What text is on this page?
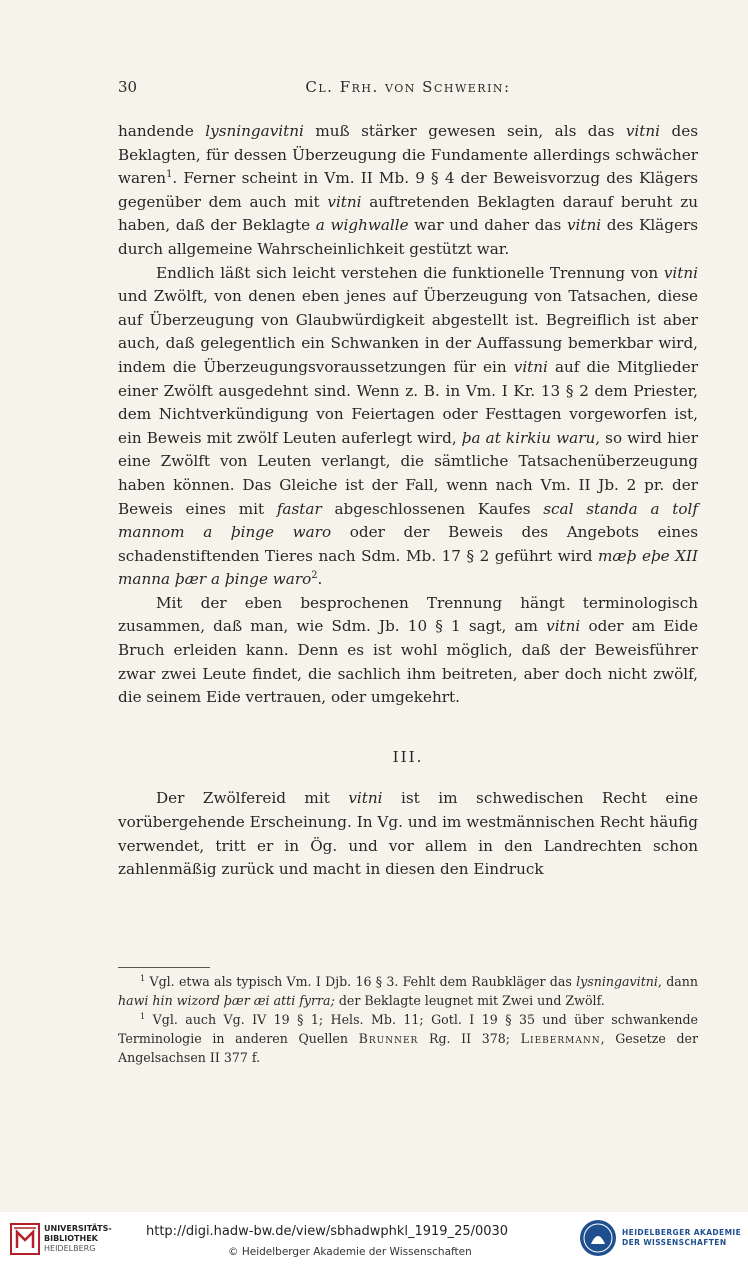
30	Cl. Frh. von Schwerin:

handende lysningavitni muß stärker gewesen sein, als das vitni des Beklagten, für dessen Überzeugung die Fundamente allerdings schwächer waren$^1$. Ferner scheint in Vm. II Mb. 9 § 4 der Beweisvorzug des Klägers gegenüber dem auch mit vitni auftretenden Beklagten darauf beruht zu haben, daß der Beklagte a wighwalle war und daher das vitni des Klägers durch allgemeine Wahrscheinlichkeit gestützt war.

Endlich läßt sich leicht verstehen die funktionelle Trennung von vitni und Zwölft, von denen eben jenes auf Überzeugung von Tatsachen, diese auf Überzeugung von Glaubwürdigkeit abgestellt ist. Begreiflich ist aber auch, daß gelegentlich ein Schwanken in der Auffassung bemerkbar wird, indem die Überzeugungsvoraussetzungen für ein vitni auf die Mitglieder einer Zwölft ausgedehnt sind. Wenn z. B. in Vm. I Kr. 13 § 2 dem Priester, dem Nichtverkündigung von Feiertagen oder Festtagen vorgeworfen ist, ein Beweis mit zwölf Leuten auferlegt wird, þa at kirkiu waru, so wird hier eine Zwölft von Leuten verlangt, die sämtliche Tatsachenüberzeugung haben können. Das Gleiche ist der Fall, wenn nach Vm. II Jb. 2 pr. der Beweis eines mit fastar abgeschlossenen Kaufes scal standa a tolf mannom a þinge waro oder der Beweis des Angebots eines schadenstiftenden Tieres nach Sdm. Mb. 17 § 2 geführt wird mæþ eþe XII manna þær a þinge waro$^2$.

Mit der eben besprochenen Trennung hängt terminologisch zusammen, daß man, wie Sdm. Jb. 10 § 1 sagt, am vitni oder am Eide Bruch erleiden kann. Denn es ist wohl möglich, daß der Beweisführer zwar zwei Leute findet, die sachlich ihm beitreten, aber doch nicht zwölf, die seinem Eide vertrauen, oder umgekehrt.

III.

Der Zwölfereid mit vitni ist im schwedischen Recht eine vorübergehende Erscheinung. In Vg. und im westmännischen Recht häufig verwendet, tritt er in Ög. und vor allem in den Landrechten schon zahlenmäßig zurück und macht in diesen den Eindruck

$^1$ Vgl. etwa als typisch Vm. I Djb. 16 § 3. Fehlt dem Raubkläger das lysningavitni, dann hawi hin wizord þær æi atti fyrra; der Beklagte leugnet mit Zwei und Zwölf.

$^1$ Vgl. auch Vg. IV 19 § 1; Hels. Mb. 11; Gotl. I 19 § 35 und über schwankende Terminologie in anderen Quellen Brunner Rg. II 378; Liebermann, Gesetze der Angelsachsen II 377 f.

UNIVERSITÄTS-
BIBLIOTHEK
HEIDELBERG
http://digi.hadw-bw.de/view/sbhadwphkl_1919_25/0030
© Heidelberger Akademie der Wissenschaften
HEIDELBERGER AKADEMIE
DER WISSENSCHAFTEN
